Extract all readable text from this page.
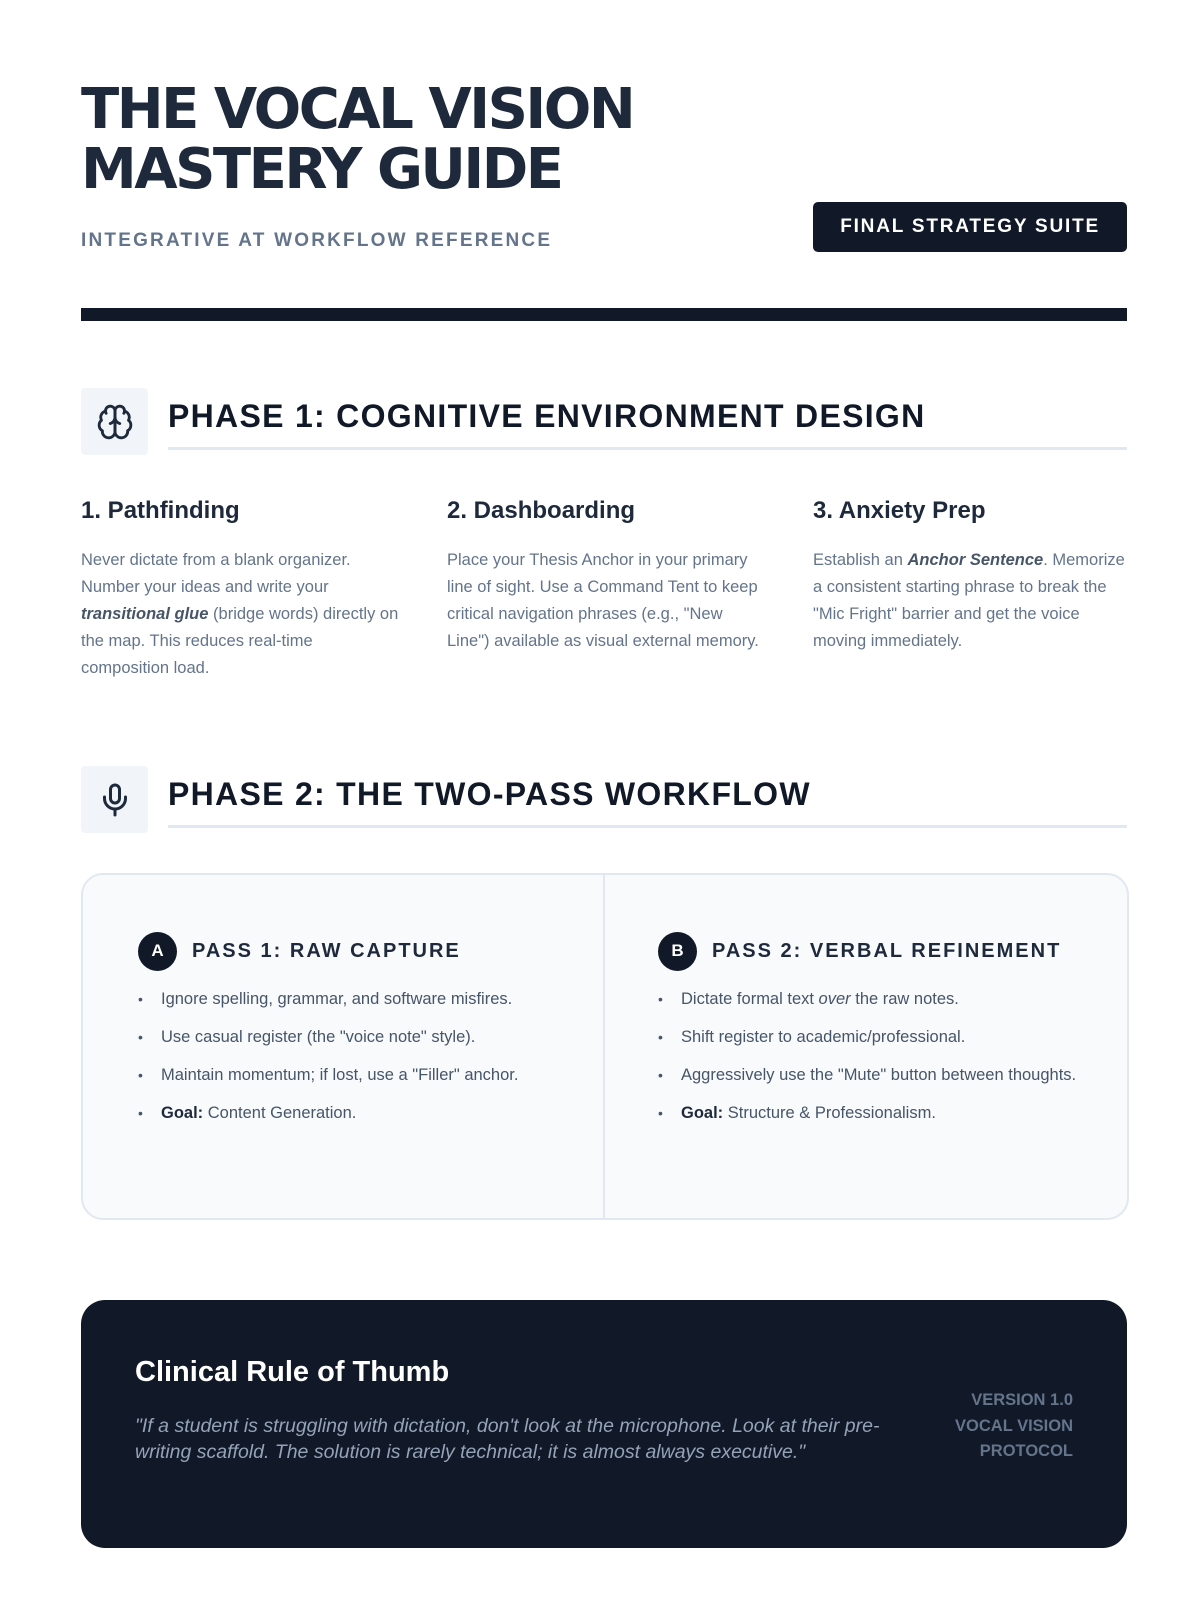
THE VOCAL VISION
MASTERY GUIDE
INTEGRATIVE AT WORKFLOW REFERENCE
FINAL STRATEGY SUITE
PHASE 1: COGNITIVE ENVIRONMENT DESIGN
1. Pathfinding

Never dictate from a blank organizer. Number your ideas and write your transitional glue (bridge words) directly on the map. This reduces real-time composition load.

2. Dashboarding

Place your Thesis Anchor in your primary line of sight. Use a Command Tent to keep critical navigation phrases (e.g., "New Line") available as visual external memory.

3. Anxiety Prep

Establish an Anchor Sentence. Memorize a consistent starting phrase to break the "Mic Fright" barrier and get the voice moving immediately.

PHASE 2: THE TWO-PASS WORKFLOW
A	PASS 1: RAW CAPTURE
• Ignore spelling, grammar, and software misfires.
• Use casual register (the "voice note" style).
• Maintain momentum; if lost, use a "Filler" anchor.
• Goal: Content Generation.
B	PASS 2: VERBAL REFINEMENT
• Dictate formal text over the raw notes.
• Shift register to academic/professional.
• Aggressively use the "Mute" button between thoughts.
• Goal: Structure & Professionalism.
Clinical Rule of Thumb

"If a student is struggling with dictation, don't look at the microphone. Look at their pre-writing scaffold. The solution is rarely technical; it is almost always executive."

VERSION 1.0
VOCAL VISION
PROTOCOL
